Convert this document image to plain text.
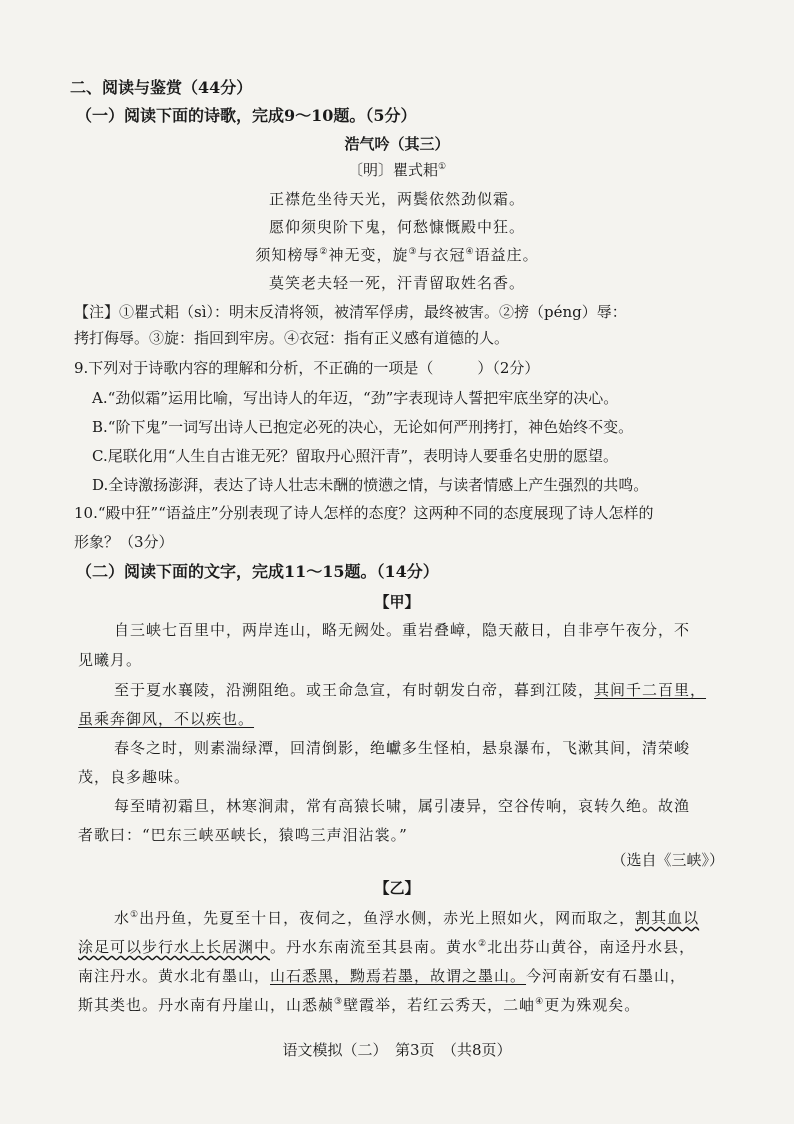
二、阅读与鉴赏（44分）
（一）阅读下面的诗歌，完成9～10题。（5分）
浩气吟（其三）
〔明〕瞿式耜①
正襟危坐待天光，两鬓依然劲似霜。
愿仰须臾阶下鬼，何愁慷慨殿中狂。
须知榜辱②神无变，旋③与衣冠④语益庄。
莫笑老夫轻一死，汗青留取姓名香。
【注】①瞿式耜（sì）：明末反清将领，被清军俘虏，最终被害。②搒（péng）辱：
拷打侮辱。③旋：指回到牢房。④衣冠：指有正义感有道德的人。
9.下列对于诗歌内容的理解和分析，不正确的一项是（	）（2分）
A.“劲似霜”运用比喻，写出诗人的年迈，“劲”字表现诗人誓把牢底坐穿的决心。
B.“阶下鬼”一词写出诗人已抱定必死的决心，无论如何严刑拷打，神色始终不变。
C.尾联化用“人生自古谁无死？留取丹心照汗青”，表明诗人要垂名史册的愿望。
D.全诗激扬澎湃，表达了诗人壮志未酬的愤懑之情，与读者情感上产生强烈的共鸣。
10.“殿中狂”“语益庄”分别表现了诗人怎样的态度？这两种不同的态度展现了诗人怎样的
形象？（3分）
（二）阅读下面的文字，完成11～15题。（14分）
【甲】
自三峡七百里中，两岸连山，略无阙处。重岩叠嶂，隐天蔽日，自非亭午夜分，不
见曦月。
至于夏水襄陵，沿溯阻绝。或王命急宣，有时朝发白帝，暮到江陵，其间千二百里，
虽乘奔御风，不以疾也。
春冬之时，则素湍绿潭，回清倒影，绝巘多生怪柏，悬泉瀑布，飞漱其间，清荣峻
茂，良多趣味。
每至晴初霜旦，林寒涧肃，常有高猿长啸，属引凄异，空谷传响，哀转久绝。故渔
者歌曰：“巴东三峡巫峡长，猿鸣三声泪沾裳。”
（选自《三峡》）
【乙】
水①出丹鱼，先夏至十日，夜伺之，鱼浮水侧，赤光上照如火，网而取之，割其血以
涂足可以步行水上长居渊中。丹水东南流至其县南。黄水②北出芬山黄谷，南迳丹水县，
南注丹水。黄水北有墨山，山石悉黑，黝焉若墨，故谓之墨山。今河南新安有石墨山，
斯其类也。丹水南有丹崖山，山悉赪③壁霞举，若红云秀天，二岫④更为殊观矣。
语文模拟（二）　第3页　（共8页）
